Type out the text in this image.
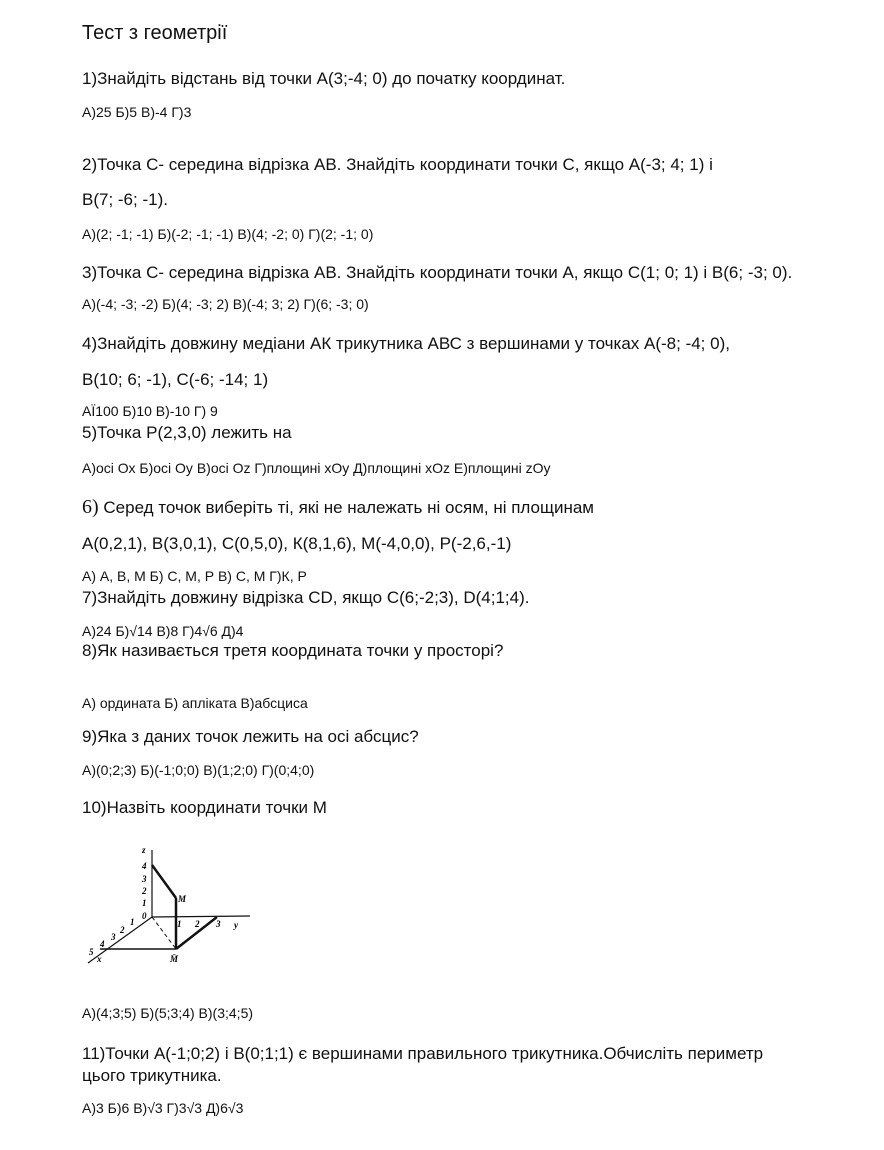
Тест з геометрії
1)Знайдіть відстань від точки А(3;-4; 0) до початку координат.
А)25 Б)5 В)-4 Г)3
2)Точка С- середина відрізка АВ. Знайдіть координати точки С, якщо А(-3; 4; 1) і
В(7; -6; -1).
А)(2; -1; -1) Б)(-2; -1; -1) В)(4; -2; 0) Г)(2; -1; 0)
3)Точка С- середина відрізка АВ. Знайдіть координати точки А, якщо С(1; 0; 1) і В(6; -3; 0).
А)(-4; -3; -2) Б)(4; -3; 2) В)(-4; 3; 2) Г)(6; -3; 0)
4)Знайдіть довжину медіани АК трикутника АВС з вершинами у точках А(-8; -4; 0),
В(10; 6; -1), С(-6; -14; 1)
АЇ100 Б)10 В)-10 Г) 9
5)Точка Р(2,3,0) лежить на
А)осі Ох Б)осі Оу В)осі Оz Г)площині хОу Д)площині хОz Е)площині zОу
6) Серед точок виберіть ті, які не належать ні осям, ні площинам
А(0,2,1), В(3,0,1), С(0,5,0), К(8,1,6), М(-4,0,0), Р(-2,6,-1)
А) А, В, М Б) С, М, Р В) С, М Г)К, Р
7)Знайдіть довжину відрізка CD, якщо C(6;-2;3), D(4;1;4).
А)24 Б)√14 В)8 Г)4√6 Д)4
8)Як називається третя координата точки у просторі?
А) ордината Б) апліката В)абсциса
9)Яка з даних точок лежить на осі абсцис?
А)(0;2;3) Б)(-1;0;0) В)(1;2;0) Г)(0;4;0)
10)Назвіть координати точки М
z
4
3
2
1
0
M
M̄
1 2 3 y
1
2
3
4
5
x
А)(4;3;5) Б)(5;3;4) В)(3;4;5)
11)Точки А(-1;0;2) і В(0;1;1) є вершинами правильного трикутника.Обчисліть периметр
цього трикутника.
А)3 Б)6 В)√3 Г)3√3 Д)6√3
